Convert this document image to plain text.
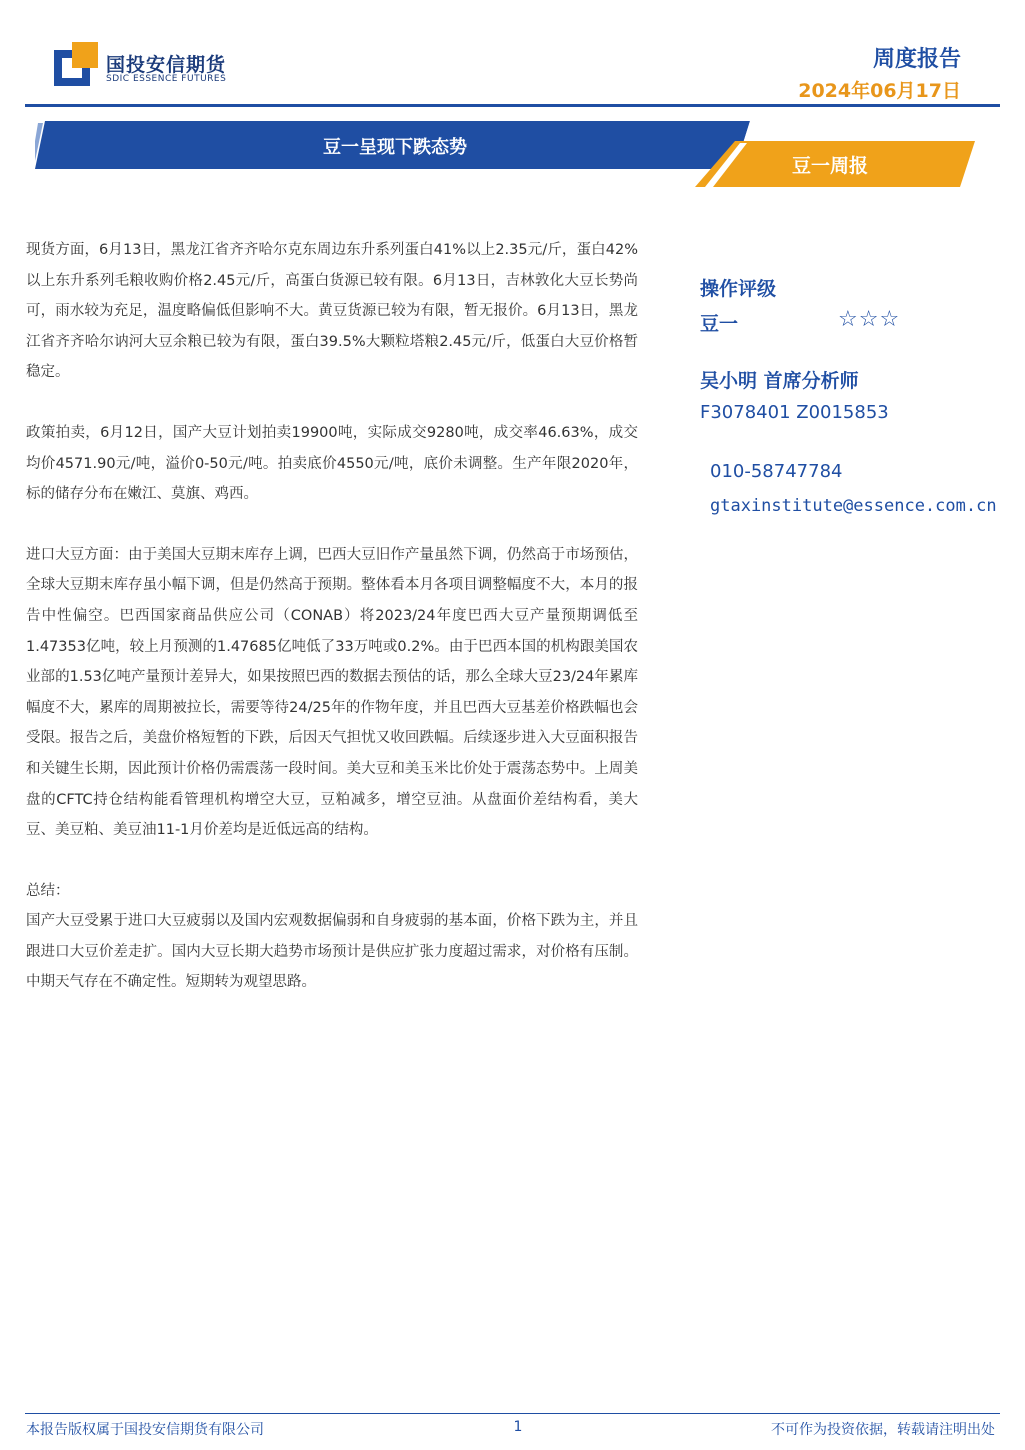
国投安信期货
SDIC ESSENCE FUTURES
周度报告
2024年06月17日
豆一呈现下跌态势
豆一周报

现货方面，6月13日，黑龙江省齐齐哈尔克东周边东升系列蛋白41%以上2.35元/斤，蛋白42%以上东升系列毛粮收购价格2.45元/斤，高蛋白货源已较有限。6月13日，吉林敦化大豆长势尚可，雨水较为充足，温度略偏低但影响不大。黄豆货源已较为有限，暂无报价。6月13日，黑龙江省齐齐哈尔讷河大豆余粮已较为有限，蛋白39.5%大颗粒塔粮2.45元/斤，低蛋白大豆价格暂稳定。

政策拍卖，6月12日，国产大豆计划拍卖19900吨，实际成交9280吨，成交率46.63%，成交均价4571.90元/吨，溢价0-50元/吨。拍卖底价4550元/吨，底价未调整。生产年限2020年，标的储存分布在嫩江、莫旗、鸡西。

进口大豆方面：由于美国大豆期末库存上调，巴西大豆旧作产量虽然下调，仍然高于市场预估，全球大豆期末库存虽小幅下调，但是仍然高于预期。整体看本月各项目调整幅度不大，本月的报告中性偏空。巴西国家商品供应公司（CONAB）将2023/24年度巴西大豆产量预期调低至1.47353亿吨，较上月预测的1.47685亿吨低了33万吨或0.2%。由于巴西本国的机构跟美国农业部的1.53亿吨产量预计差异大，如果按照巴西的数据去预估的话，那么全球大豆23/24年累库幅度不大，累库的周期被拉长，需要等待24/25年的作物年度，并且巴西大豆基差价格跌幅也会受限。报告之后，美盘价格短暂的下跌，后因天气担忧又收回跌幅。后续逐步进入大豆面积报告和关键生长期，因此预计价格仍需震荡一段时间。美大豆和美玉米比价处于震荡态势中。上周美盘的CFTC持仓结构能看管理机构增空大豆，豆粕减多，增空豆油。从盘面价差结构看，美大豆、美豆粕、美豆油11-1月价差均是近低远高的结构。

总结：

国产大豆受累于进口大豆疲弱以及国内宏观数据偏弱和自身疲弱的基本面，价格下跌为主，并且跟进口大豆价差走扩。国内大豆长期大趋势市场预计是供应扩张力度超过需求，对价格有压制。中期天气存在不确定性。短期转为观望思路。

操作评级
豆一	☆☆☆
吴小明 首席分析师
F3078401 Z0015853
010-58747784
gtaxinstitute@essence.com.cn
本报告版权属于国投安信期货有限公司	1	不可作为投资依据，转载请注明出处
